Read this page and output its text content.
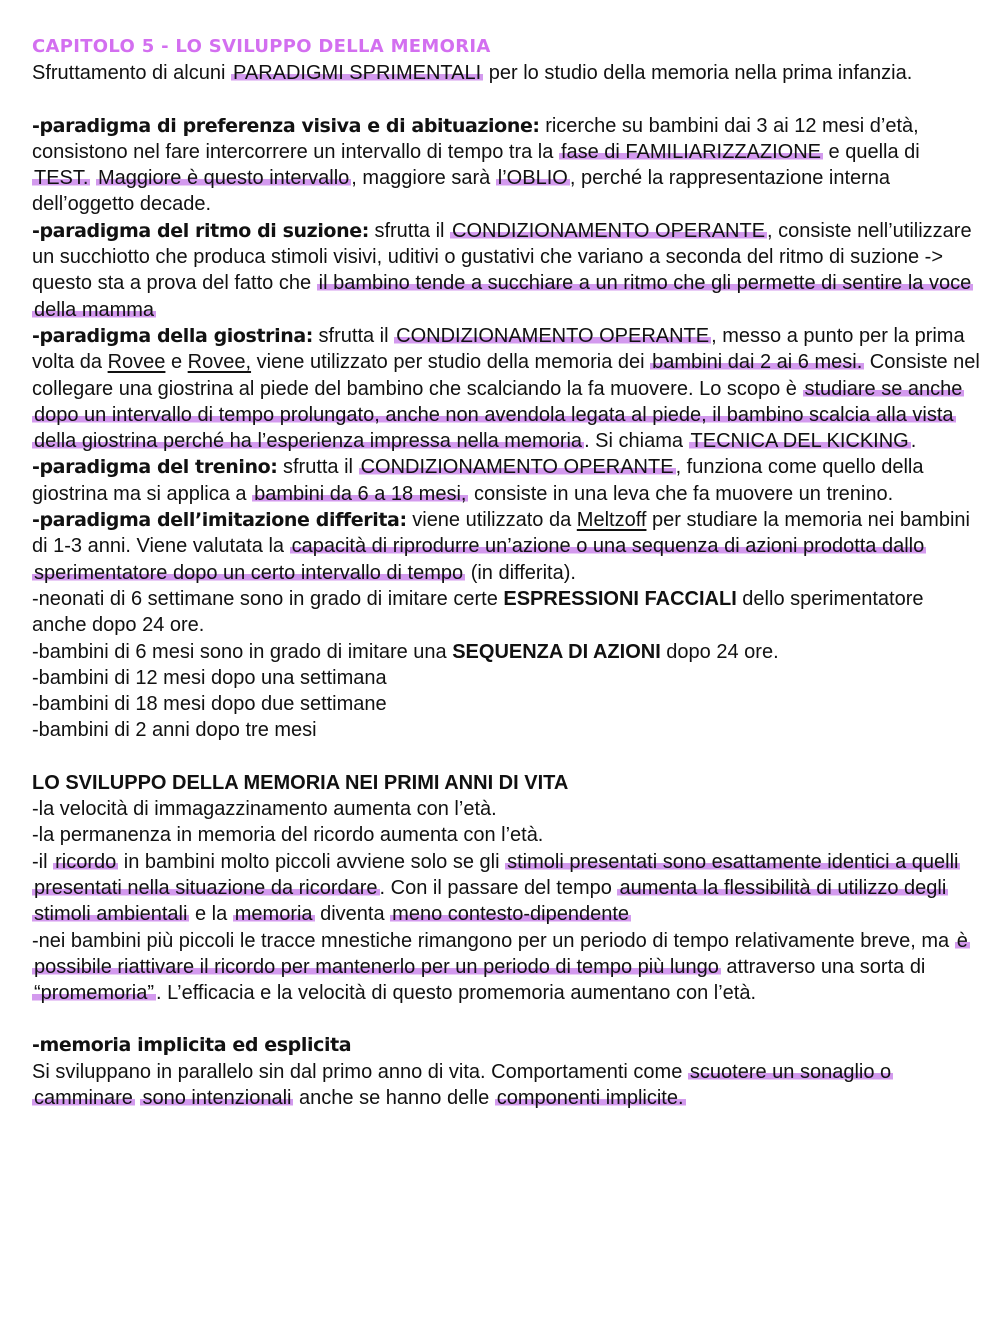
CAPITOLO 5 - LO SVILUPPO DELLA MEMORIA

Sfruttamento di alcuni PARADIGMI SPRIMENTALI per lo studio della memoria nella prima infanzia.

-paradigma di preferenza visiva e di abituazione: ricerche su bambini dai 3 ai 12 mesi d’età, consistono nel fare intercorrere un intervallo di tempo tra la fase di FAMILIARIZZAZIONE e quella di TEST. Maggiore è questo intervallo , maggiore sarà l’OBLIO , perché la rappresentazione interna dell’oggetto decade.

-paradigma del ritmo di suzione: sfrutta il CONDIZIONAMENTO OPERANTE , consiste nell’utilizzare un succhiotto che produca stimoli visivi, uditivi o gustativi che variano a seconda del ritmo di suzione -> questo sta a prova del fatto che il bambino tende a succhiare a un ritmo che gli permette di sentire la voce della mamma

-paradigma della giostrina: sfrutta il CONDIZIONAMENTO OPERANTE , messo a punto per la prima volta da Rovee e Rovee, viene utilizzato per studio della memoria dei bambini dai 2 ai 6 mesi. Consiste nel collegare una giostrina al piede del bambino che scalciando la fa muovere. Lo scopo è studiare se anche dopo un intervallo di tempo prolungato, anche non avendola legata al piede, il bambino scalcia alla vista della giostrina perché ha l’esperienza impressa nella memoria . Si chiama TECNICA DEL KICKING .

-paradigma del trenino: sfrutta il CONDIZIONAMENTO OPERANTE , funziona come quello della giostrina ma si applica a bambini da 6 a 18 mesi, consiste in una leva che fa muovere un trenino.

-paradigma dell’imitazione differita: viene utilizzato da Meltzoff per studiare la memoria nei bambini di 1-3 anni. Viene valutata la capacità di riprodurre un’azione o una sequenza di azioni prodotta dallo sperimentatore dopo un certo intervallo di tempo (in differita).

-neonati di 6 settimane sono in grado di imitare certe ESPRESSIONI FACCIALI dello sperimentatore anche dopo 24 ore.

-bambini di 6 mesi sono in grado di imitare una SEQUENZA DI AZIONI dopo 24 ore.

-bambini di 12 mesi dopo una settimana

-bambini di 18 mesi dopo due settimane

-bambini di 2 anni dopo tre mesi

LO SVILUPPO DELLA MEMORIA NEI PRIMI ANNI DI VITA

-la velocità di immagazzinamento aumenta con l’età.

-la permanenza in memoria del ricordo aumenta con l’età.

-il ricordo in bambini molto piccoli avviene solo se gli stimoli presentati sono esattamente identici a quelli presentati nella situazione da ricordare . Con il passare del tempo aumenta la flessibilità di utilizzo degli stimoli ambientali e la memoria diventa meno contesto-dipendente

-nei bambini più piccoli le tracce mnestiche rimangono per un periodo di tempo relativamente breve, ma è possibile riattivare il ricordo per mantenerlo per un periodo di tempo più lungo attraverso una sorta di “promemoria” . L’efficacia e la velocità di questo promemoria aumentano con l’età.

-memoria implicita ed esplicita

Si sviluppano in parallelo sin dal primo anno di vita. Comportamenti come scuotere un sonaglio o camminare sono intenzionali anche se hanno delle componenti implicite.
